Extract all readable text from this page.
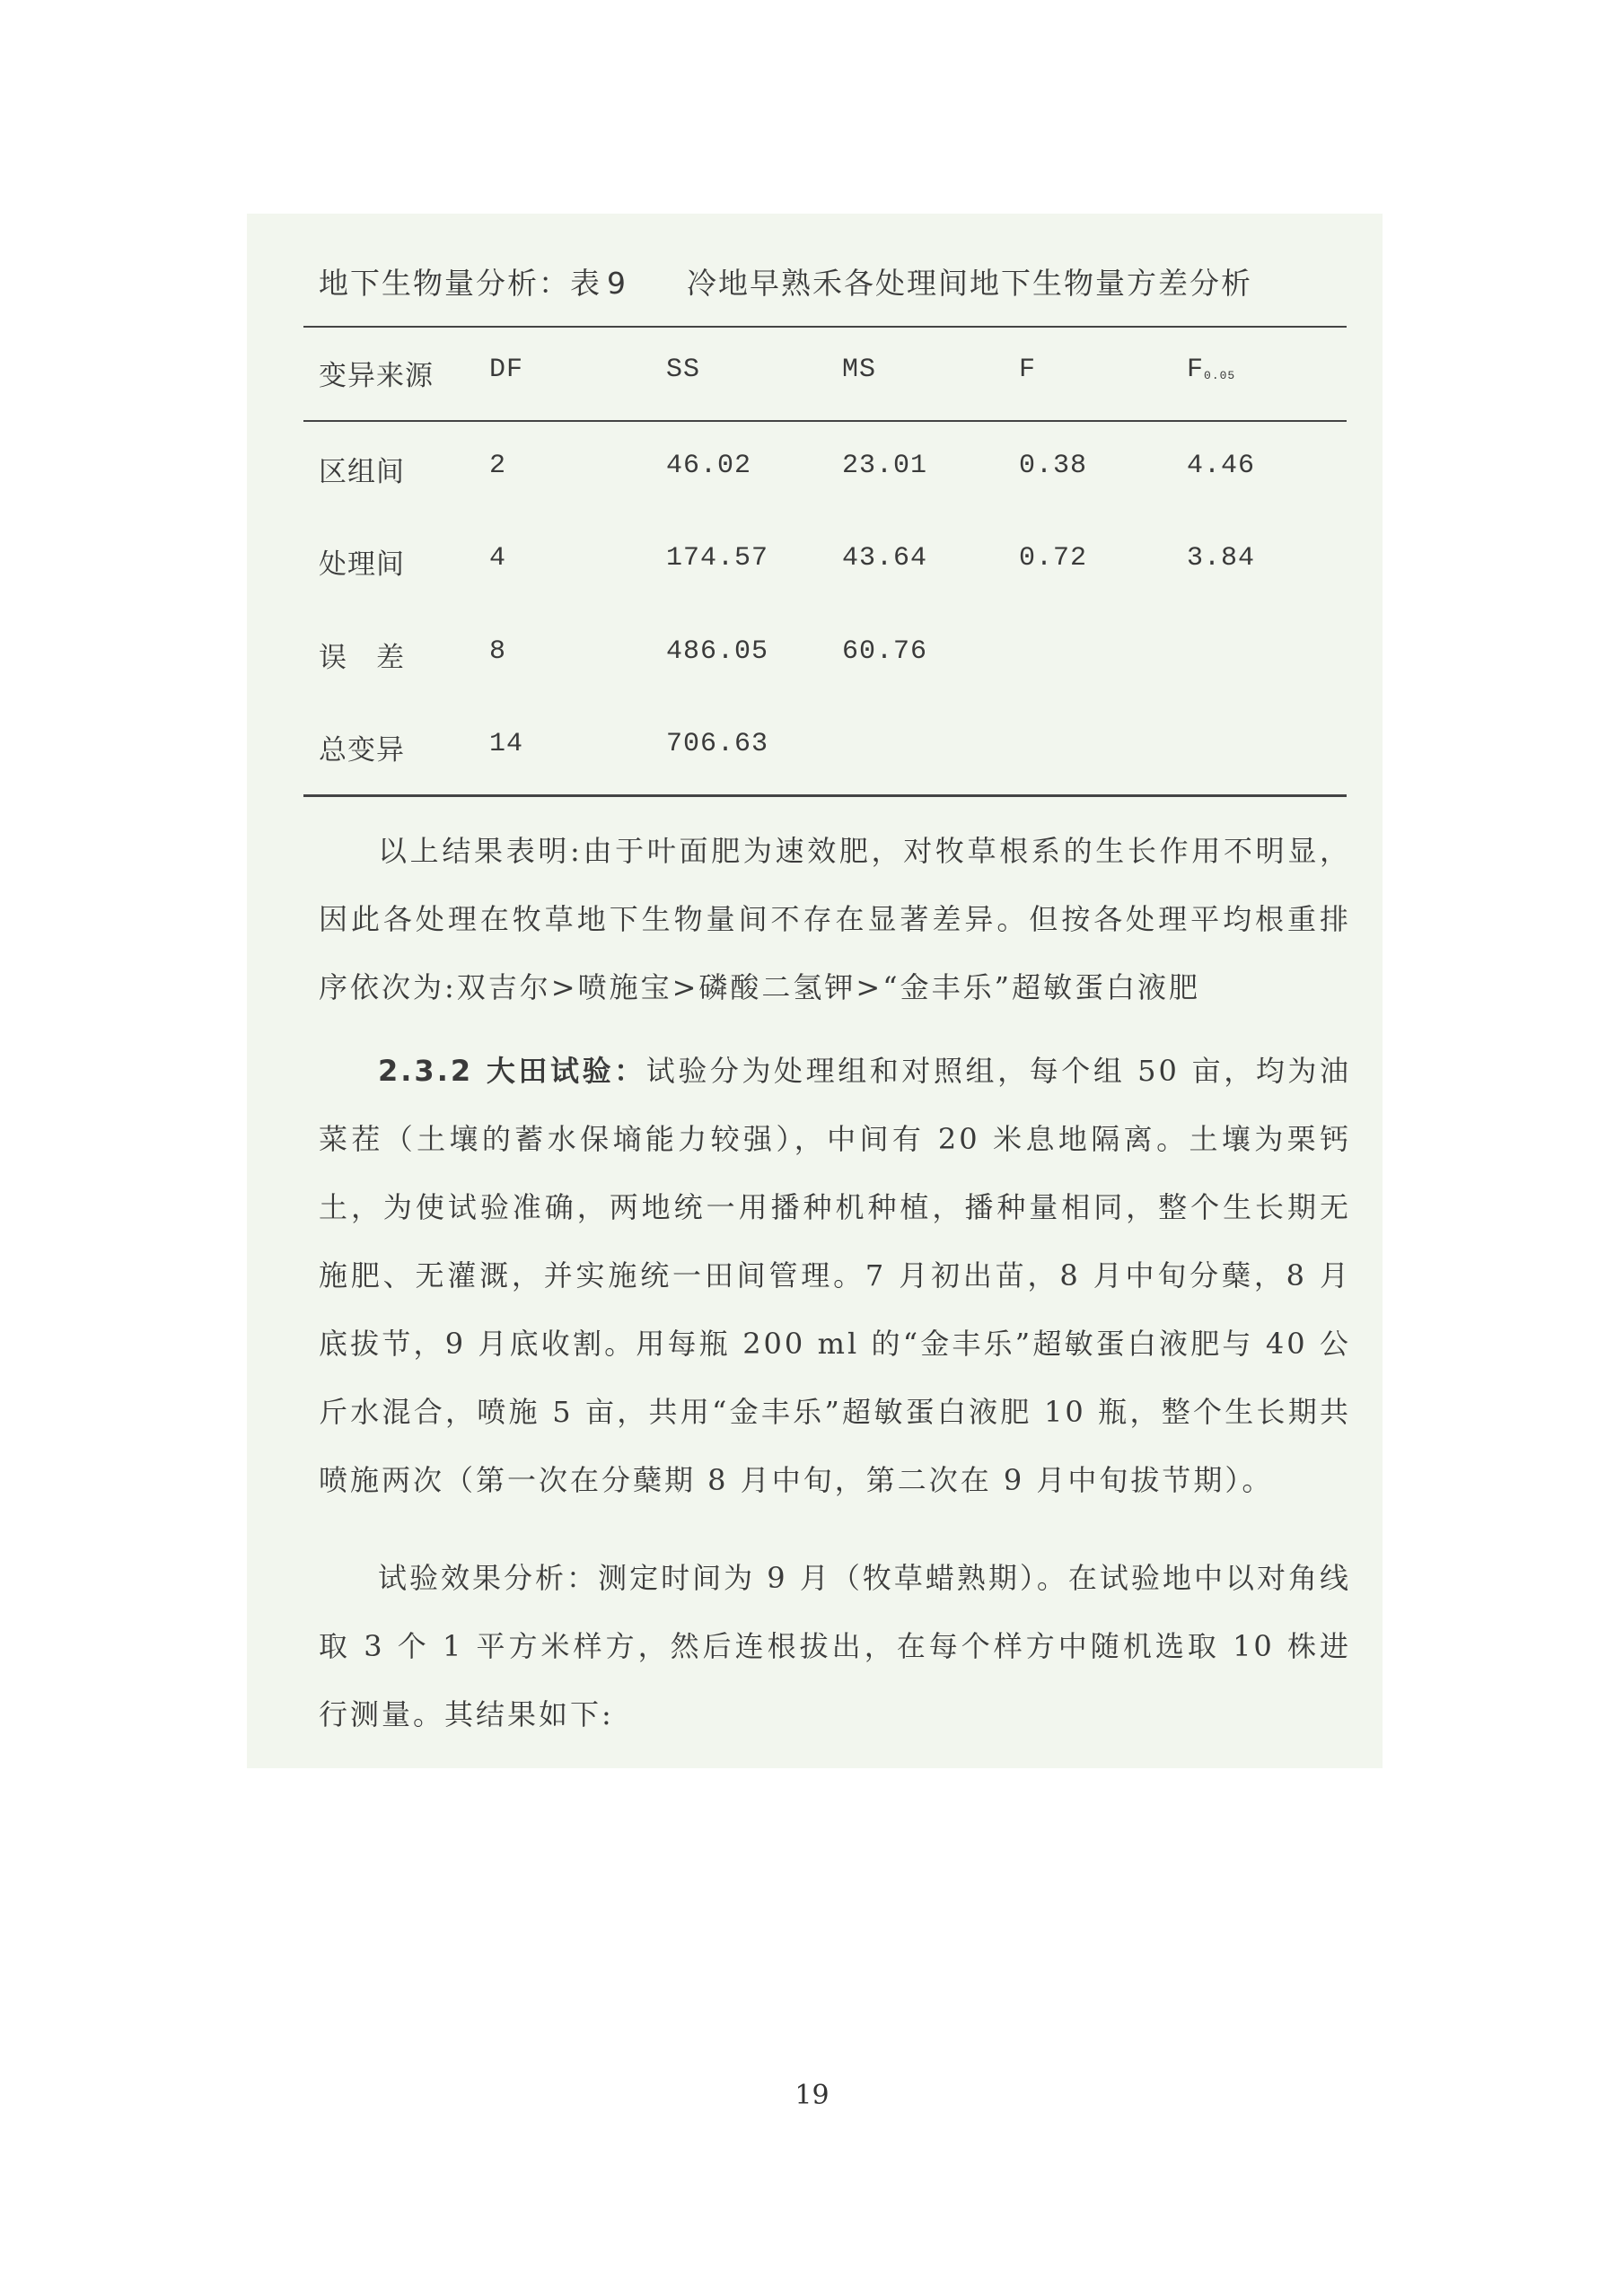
地下生物量分析：表 9 冷地早熟禾各处理间地下生物量方差分析
变异来源 DF	SS	MS	F	$F_{0.05}$
区组间	2	46.02	23.01	0.38	4.46
处理间	4	174.57	43.64	0.72	3.84
误　差	8	486.05	60.76
总变异	14	706.63

以上结果表明:由于叶面肥为速效肥，对牧草根系的生长作用不明显，因此各处理在牧草地下生物量间不存在显著差异。但按各处理平均根重排序依次为:双吉尔>喷施宝>磷酸二氢钾>“金丰乐”超敏蛋白液肥

2.3.2 大田试验：试验分为处理组和对照组，每个组 50 亩，均为油菜茬（土壤的蓄水保墒能力较强），中间有 20 米息地隔离。土壤为栗钙土，为使试验准确，两地统一用播种机种植，播种量相同，整个生长期无施肥、无灌溉，并实施统一田间管理。7 月初出苗，8 月中旬分蘖，8 月底拔节，9 月底收割。用每瓶 200 ml 的“金丰乐”超敏蛋白液肥与 40 公斤水混合，喷施 5 亩，共用“金丰乐”超敏蛋白液肥 10 瓶，整个生长期共喷施两次（第一次在分蘖期 8 月中旬，第二次在 9 月中旬拔节期）。

试验效果分析：测定时间为 9 月（牧草蜡熟期）。在试验地中以对角线取 3 个 1 平方米样方，然后连根拔出，在每个样方中随机选取 10 株进行测量。其结果如下:

19
